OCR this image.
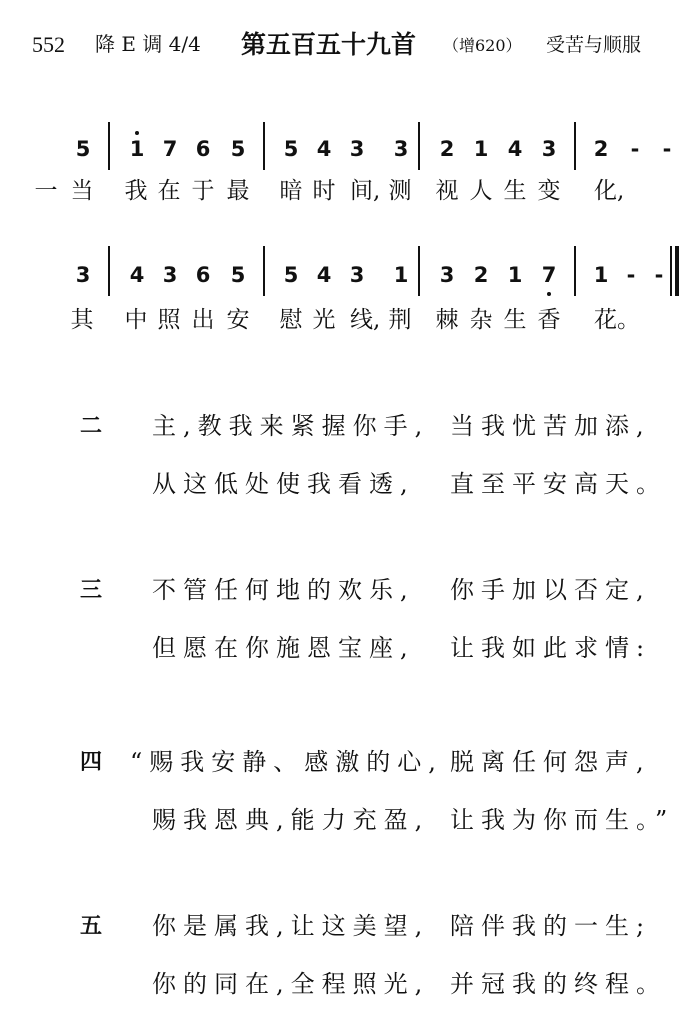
552 降 E 调 4/4 第五百五十九首 （增620） 受苦与顺服
5 1 7 6 5 5 4 3 3 2 1 4 3 2	-	-
一 当 我 在 于 最 暗 时 间, 测 视 人 生 变 化,
3 4 3 6 5 5 4 3 1 3 2 1 7 1 - -
其 中 照 出 安 慰 光 线, 荆 棘 杂 生 香 花。
二 主,教我来紧握你手, 当我忧苦加添,
从这低处使我看透, 直至平安高天。
三 不管任何地的欢乐, 你手加以否定,
但愿在你施恩宝座, 让我如此求情:
四 “赐我安静、感激的心, 脱离任何怨声,
赐我恩典,能力充盈, 让我为你而生。”
五 你是属我,让这美望, 陪伴我的一生;
你的同在,全程照光, 并冠我的终程。
